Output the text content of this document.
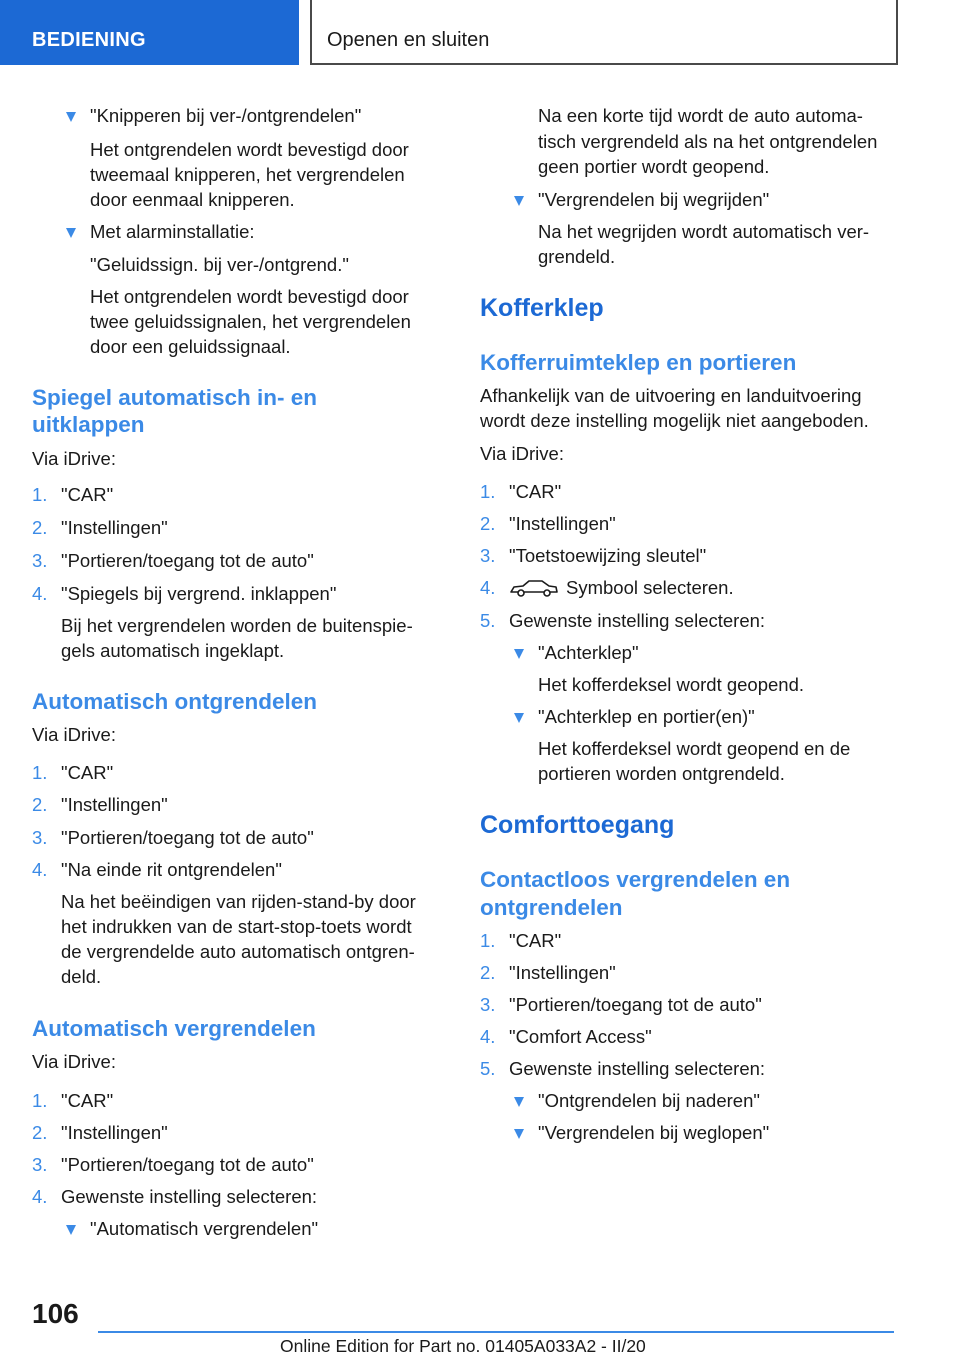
BEDIENING	Openen en sluiten
"Knipperen bij ver-/ontgrendelen"
Het ontgrendelen wordt bevestigd door
tweemaal knipperen, het vergrendelen
door eenmaal knipperen.
Met alarminstallatie:
"Geluidssign. bij ver-/ontgrend."
Het ontgrendelen wordt bevestigd door
twee geluidssignalen, het vergrendelen
door een geluidssignaal.
Spiegel automatisch in- en
uitklappen
Via iDrive:
1. "CAR"
2. "Instellingen"
3. "Portieren/toegang tot de auto"
4. "Spiegels bij vergrend. inklappen"
Bij het vergrendelen worden de buitenspie‐
gels automatisch ingeklapt.
Automatisch ontgrendelen
Via iDrive:
1. "CAR"
2. "Instellingen"
3. "Portieren/toegang tot de auto"
4. "Na einde rit ontgrendelen"
Na het beëindigen van rijden-stand-by door
het indrukken van de start-stop-toets wordt
de vergrendelde auto automatisch ontgren‐
deld.
Automatisch vergrendelen
Via iDrive:
1. "CAR"
2. "Instellingen"
3. "Portieren/toegang tot de auto"
4. Gewenste instelling selecteren:
"Automatisch vergrendelen"
Na een korte tijd wordt de auto automa‐
tisch vergrendeld als na het ontgrendelen
geen portier wordt geopend.
"Vergrendelen bij wegrijden"
Na het wegrijden wordt automatisch ver‐
grendeld.
Kofferklep
Kofferruimteklep en portieren
Afhankelijk van de uitvoering en landuitvoering
wordt deze instelling mogelijk niet aangeboden.
Via iDrive:
1. "CAR"
2. "Instellingen"
3. "Toetstoewijzing sleutel"
4.	Symbool selecteren.
5. Gewenste instelling selecteren:
"Achterklep"
Het kofferdeksel wordt geopend.
"Achterklep en portier(en)"
Het kofferdeksel wordt geopend en de
portieren worden ontgrendeld.
Comforttoegang
Contactloos vergrendelen en
ontgrendelen
1. "CAR"
2. "Instellingen"
3. "Portieren/toegang tot de auto"
4. "Comfort Access"
5. Gewenste instelling selecteren:
"Ontgrendelen bij naderen"
"Vergrendelen bij weglopen"
106
Online Edition for Part no. 01405A033A2 - II/20
